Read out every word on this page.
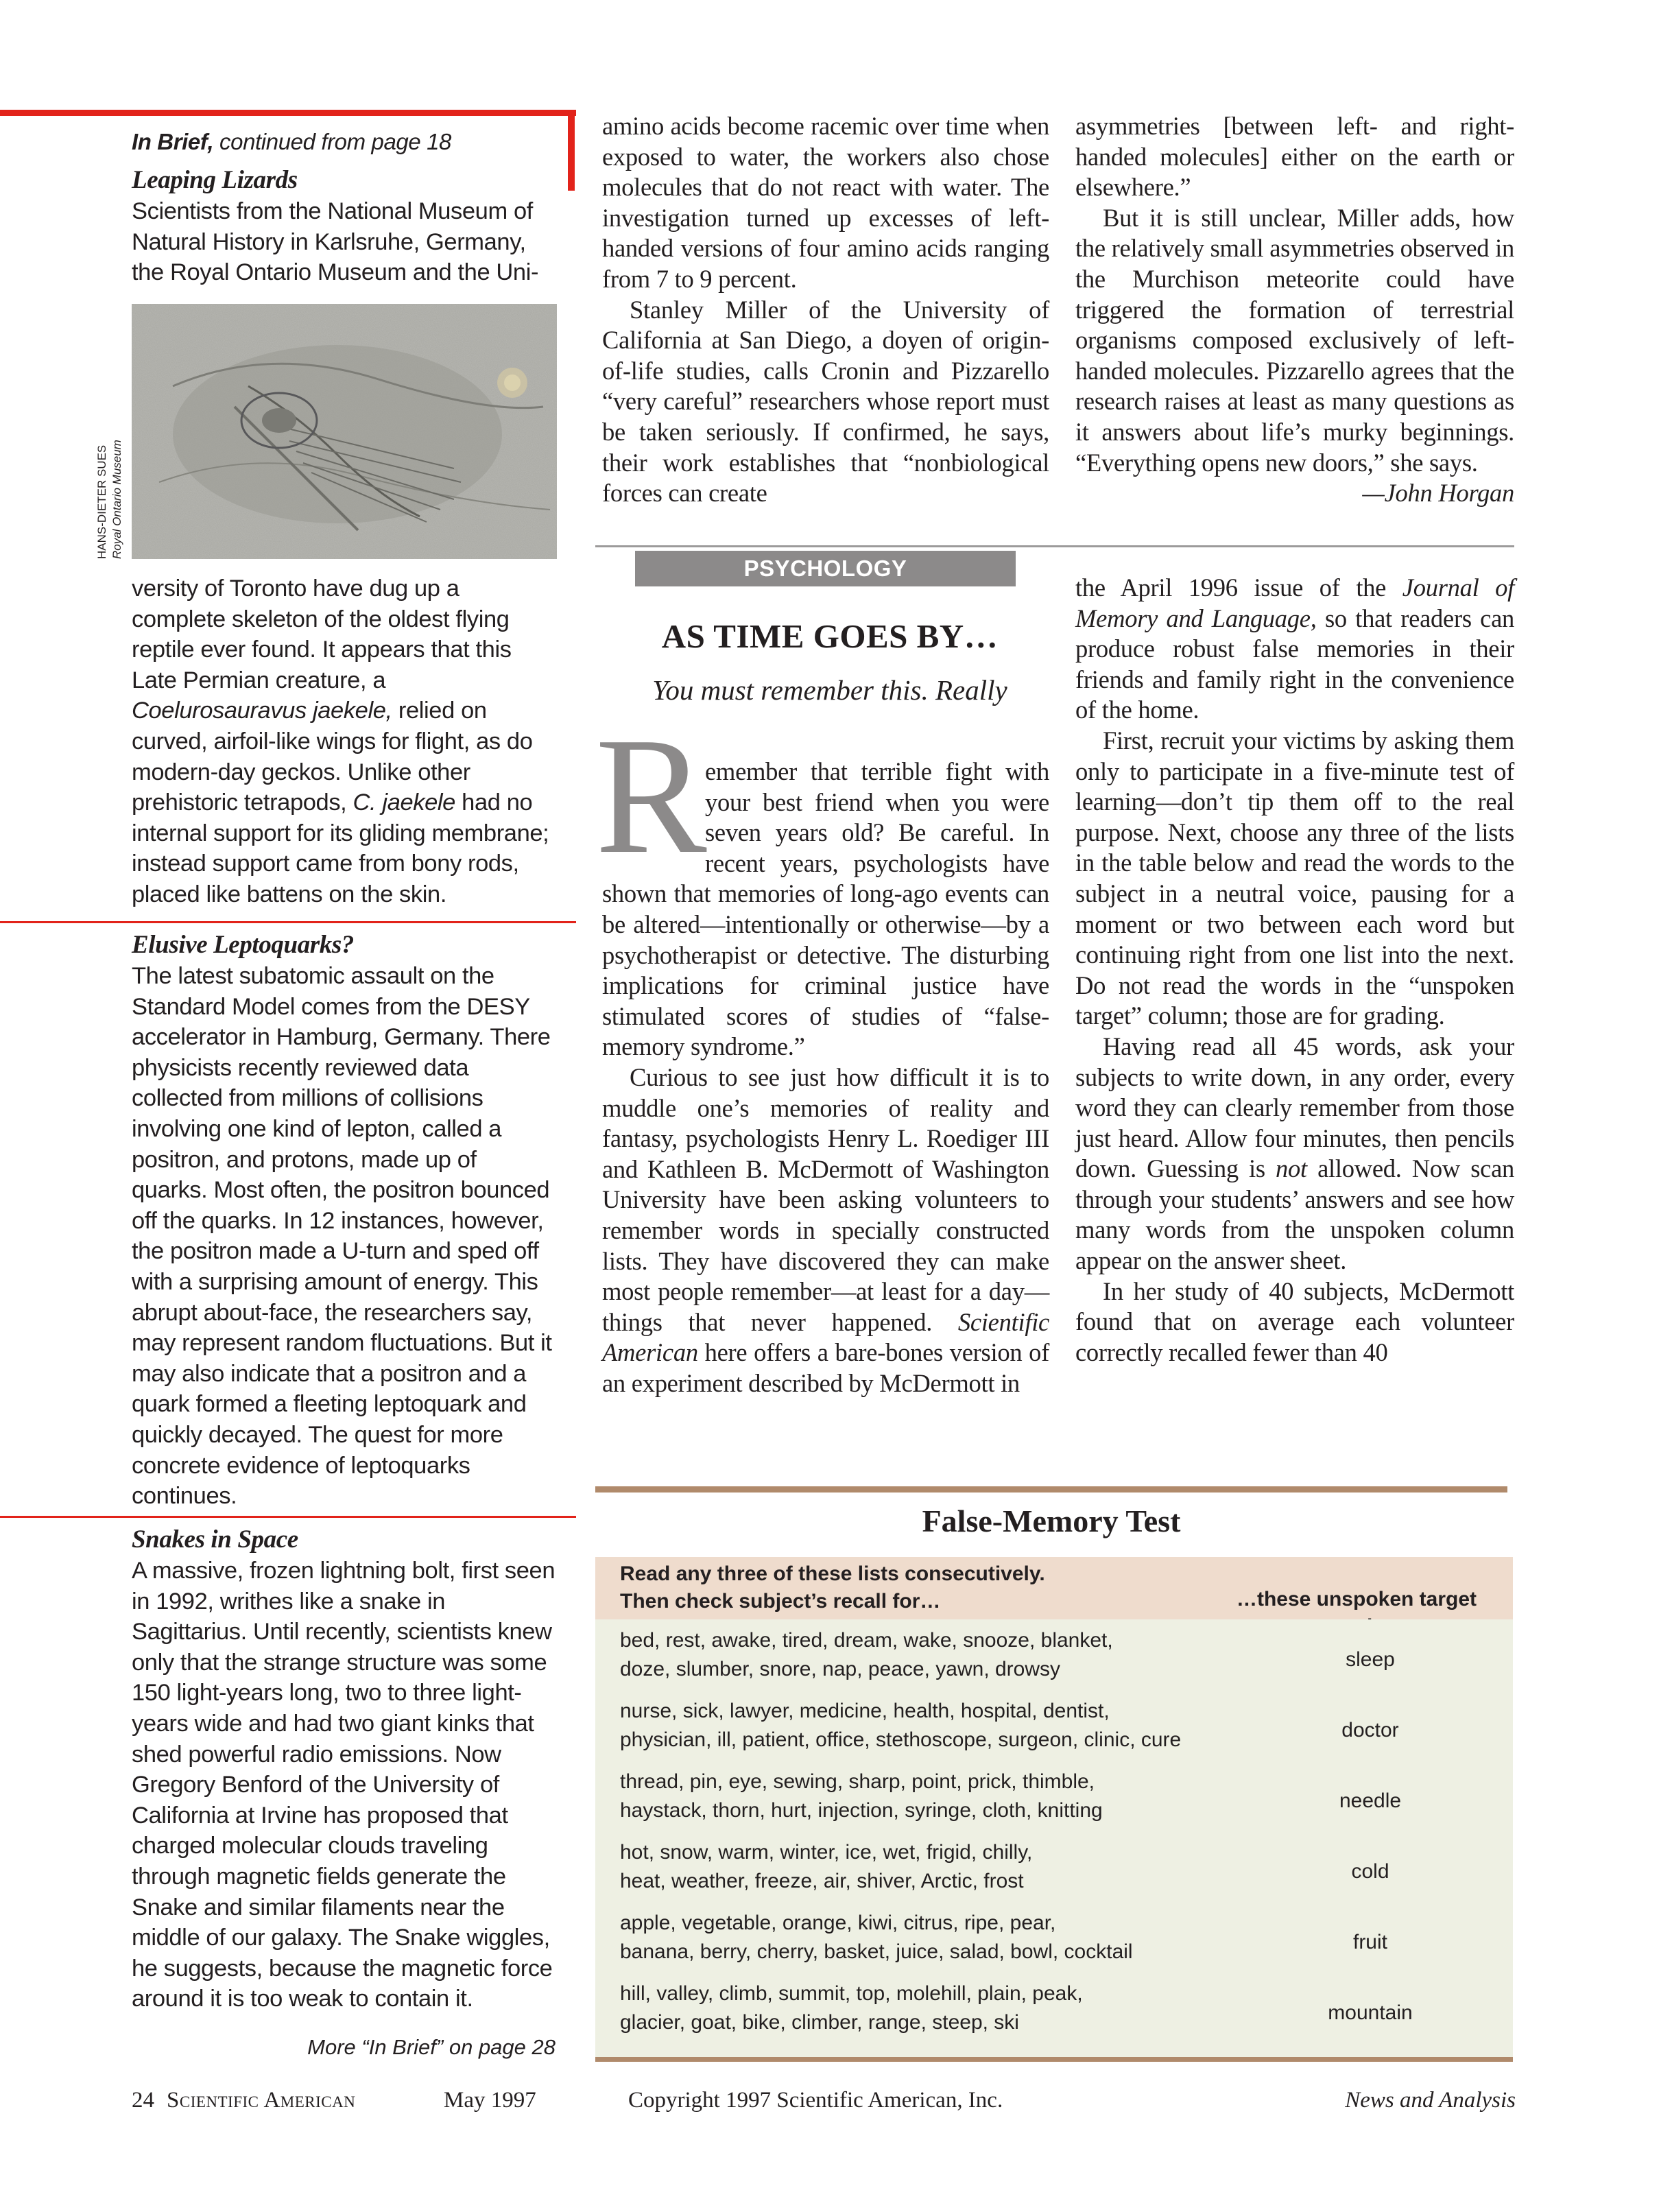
In Brief, continued from page 18
Leaping Lizards

Scientists from the National Museum of Natural History in Karlsruhe, Germany, the Royal Ontario Museum and the Uni-

HANS-DIETER SUES Royal Ontario Museum

versity of Toronto have dug up a complete skeleton of the oldest flying reptile ever found. It appears that this Late Permian creature, a Coelurosauravus jaekele, relied on curved, airfoil-like wings for flight, as do modern-day geckos. Unlike other prehistoric tetrapods, C. jaekele had no internal support for its gliding membrane; instead support came from bony rods, placed like battens on the skin.

Elusive Leptoquarks?

The latest subatomic assault on the Standard Model comes from the DESY accelerator in Hamburg, Germany. There physicists recently reviewed data collected from millions of collisions involving one kind of lepton, called a positron, and protons, made up of quarks. Most often, the positron bounced off the quarks. In 12 instances, however, the positron made a U-turn and sped off with a surprising amount of energy. This abrupt about-face, the researchers say, may represent random fluctuations. But it may also indicate that a positron and a quark formed a fleeting leptoquark and quickly decayed. The quest for more concrete evidence of leptoquarks continues.

Snakes in Space

A massive, frozen lightning bolt, first seen in 1992, writhes like a snake in Sagittarius. Until recently, scientists knew only that the strange structure was some 150 light-years long, two to three light-years wide and had two giant kinks that shed powerful radio emissions. Now Gregory Benford of the University of California at Irvine has proposed that charged molecular clouds traveling through magnetic fields generate the Snake and similar filaments near the middle of our galaxy. The Snake wiggles, he suggests, because the magnetic force around it is too weak to contain it.

More “In Brief” on page 28

amino acids become racemic over time when exposed to water, the workers also chose molecules that do not react with water. The investigation turned up excesses of left-handed versions of four amino acids ranging from 7 to 9 percent.

Stanley Miller of the University of California at San Diego, a doyen of origin-of-life studies, calls Cronin and Pizzarello “very careful” researchers whose report must be taken seriously. If confirmed, he says, their work establishes that “nonbiological forces can create

asymmetries [between left- and right-handed molecules] either on the earth or elsewhere.”

But it is still unclear, Miller adds, how the relatively small asymmetries observed in the Murchison meteorite could have triggered the formation of terrestrial organisms composed exclusively of left-handed molecules. Pizzarello agrees that the research raises at least as many questions as it answers about life’s murky beginnings. “Everything opens new doors,” she says.
—John Horgan

PSYCHOLOGY
AS TIME GOES BY…
You must remember this. Really
R

emember that terrible fight with your best friend when you were seven years old? Be careful. In recent years, psychologists have shown that memories of long-ago events can be altered—intentionally or otherwise—by a psychotherapist or detective. The disturbing implications for criminal justice have stimulated scores of studies of “false-memory syndrome.”

Curious to see just how difficult it is to muddle one’s memories of reality and fantasy, psychologists Henry L. Roediger III and Kathleen B. McDermott of Washington University have been asking volunteers to remember words in specially constructed lists. They have discovered they can make most people remember—at least for a day—things that never happened. Scientific American here offers a bare-bones version of an experiment described by McDermott in

the April 1996 issue of the Journal of Memory and Language, so that readers can produce robust false memories in their friends and family right in the convenience of the home.

First, recruit your victims by asking them only to participate in a five-minute test of learning—don’t tip them off to the real purpose. Next, choose any three of the lists in the table below and read the words to the subject in a neutral voice, pausing for a moment or two between each word but continuing right from one list into the next. Do not read the words in the “unspoken target” column; those are for grading.

Having read all 45 words, ask your subjects to write down, in any order, every word they can clearly remember from those just heard. Allow four minutes, then pencils down. Guessing is not allowed. Now scan through your students’ answers and see how many words from the unspoken column appear on the answer sheet.

In her study of 40 subjects, McDermott found that on average each volunteer correctly recalled fewer than 40

False-Memory Test
Read any three of these lists consecutively.
Then check subject’s recall for…	…these unspoken target
bed, rest, awake, tired, dream, wake, snooze, blanket,
doze, slumber, snore, nap, peace, yawn, drowsy	sleep
nurse, sick, lawyer, medicine, health, hospital, dentist,
physician, ill, patient, office, stethoscope, surgeon, clinic, cure	doctor
thread, pin, eye, sewing, sharp, point, prick, thimble,
haystack, thorn, hurt, injection, syringe, cloth, knitting	needle
hot, snow, warm, winter, ice, wet, frigid, chilly,
heat, weather, freeze, air, shiver, Arctic, frost	cold
apple, vegetable, orange, kiwi, citrus, ripe, pear,
banana, berry, cherry, basket, juice, salad, bowl, cocktail	fruit
hill, valley, climb, summit, top, molehill, plain, peak,
glacier, goat, bike, climber, range, steep, ski	mountain
24 Scientific American	May 1997	Copyright 1997 Scientific American, Inc.	News and Analysis
